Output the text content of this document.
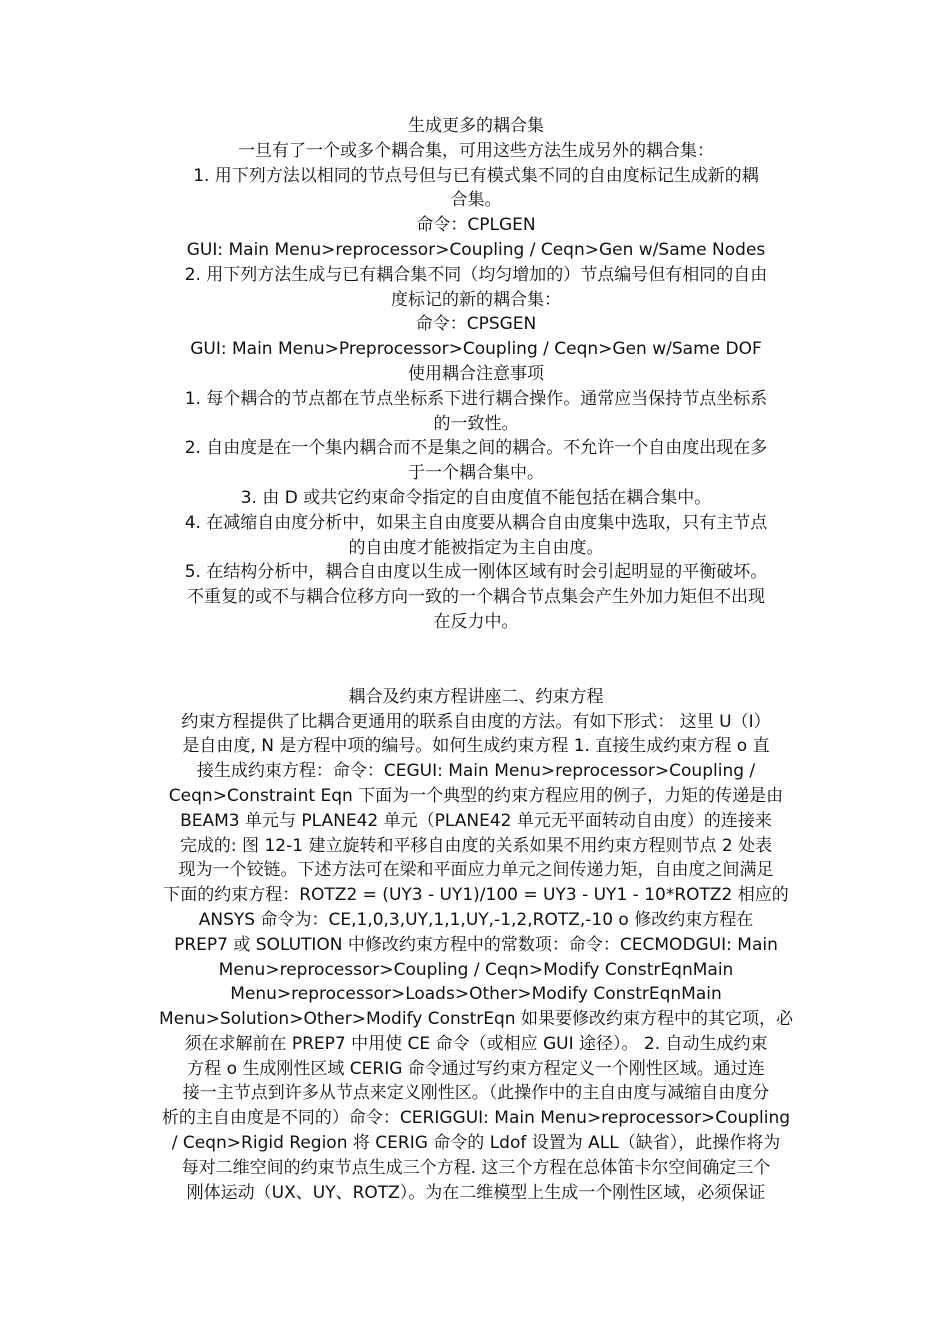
生成更多的耦合集
一旦有了一个或多个耦合集，可用这些方法生成另外的耦合集：
1. 用下列方法以相同的节点号但与已有模式集不同的自由度标记生成新的耦
合集。
命令：CPLGEN
GUI: Main Menu>reprocessor>Coupling / Ceqn>Gen w/Same Nodes
2. 用下列方法生成与已有耦合集不同（均匀增加的）节点编号但有相同的自由
度标记的新的耦合集：
命令：CPSGEN
GUI: Main Menu>Preprocessor>Coupling / Ceqn>Gen w/Same DOF
使用耦合注意事项
1. 每个耦合的节点都在节点坐标系下进行耦合操作。通常应当保持节点坐标系
的一致性。
2. 自由度是在一个集内耦合而不是集之间的耦合。不允许一个自由度出现在多
于一个耦合集中。
3. 由 D 或共它约束命令指定的自由度值不能包括在耦合集中。
4. 在减缩自由度分析中，如果主自由度要从耦合自由度集中选取，只有主节点
的自由度才能被指定为主自由度。
5. 在结构分析中，耦合自由度以生成一刚体区域有时会引起明显的平衡破坏。
不重复的或不与耦合位移方向一致的一个耦合节点集会产生外加力矩但不出现
在反力中。
耦合及约束方程讲座二、约束方程
约束方程提供了比耦合更通用的联系自由度的方法。有如下形式： 这里 U（I）
是自由度, N 是方程中项的编号。如何生成约束方程 1. 直接生成约束方程 o 直
接生成约束方程：命令：CEGUI: Main Menu>reprocessor>Coupling /
Ceqn>Constraint Eqn 下面为一个典型的约束方程应用的例子，力矩的传递是由
BEAM3 单元与 PLANE42 单元（PLANE42 单元无平面转动自由度）的连接来
完成的: 图 12-1 建立旋转和平移自由度的关系如果不用约束方程则节点 2 处表
现为一个铰链。下述方法可在梁和平面应力单元之间传递力矩，自由度之间满足
下面的约束方程：ROTZ2 = (UY3 - UY1)/100 = UY3 - UY1 - 10*ROTZ2 相应的
ANSYS 命令为：CE,1,0,3,UY,1,1,UY,-1,2,ROTZ,-10 o 修改约束方程在
PREP7 或 SOLUTION 中修改约束方程中的常数项：命令：CECMODGUI: Main
Menu>reprocessor>Coupling / Ceqn>Modify ConstrEqnMain
Menu>reprocessor>Loads>Other>Modify ConstrEqnMain
Menu>Solution>Other>Modify ConstrEqn 如果要修改约束方程中的其它项，必
须在求解前在 PREP7 中用使 CE 命令（或相应 GUI 途径）。 2. 自动生成约束
方程 o 生成刚性区域 CERIG 命令通过写约束方程定义一个刚性区域。通过连
接一主节点到许多从节点来定义刚性区。（此操作中的主自由度与减缩自由度分
析的主自由度是不同的）命令：CERIGGUI: Main Menu>reprocessor>Coupling
/ Ceqn>Rigid Region 将 CERIG 命令的 Ldof 设置为 ALL（缺省），此操作将为
每对二维空间的约束节点生成三个方程. 这三个方程在总体笛卡尔空间确定三个
刚体运动（UX、UY、ROTZ）。为在二维模型上生成一个刚性区域，必须保证
